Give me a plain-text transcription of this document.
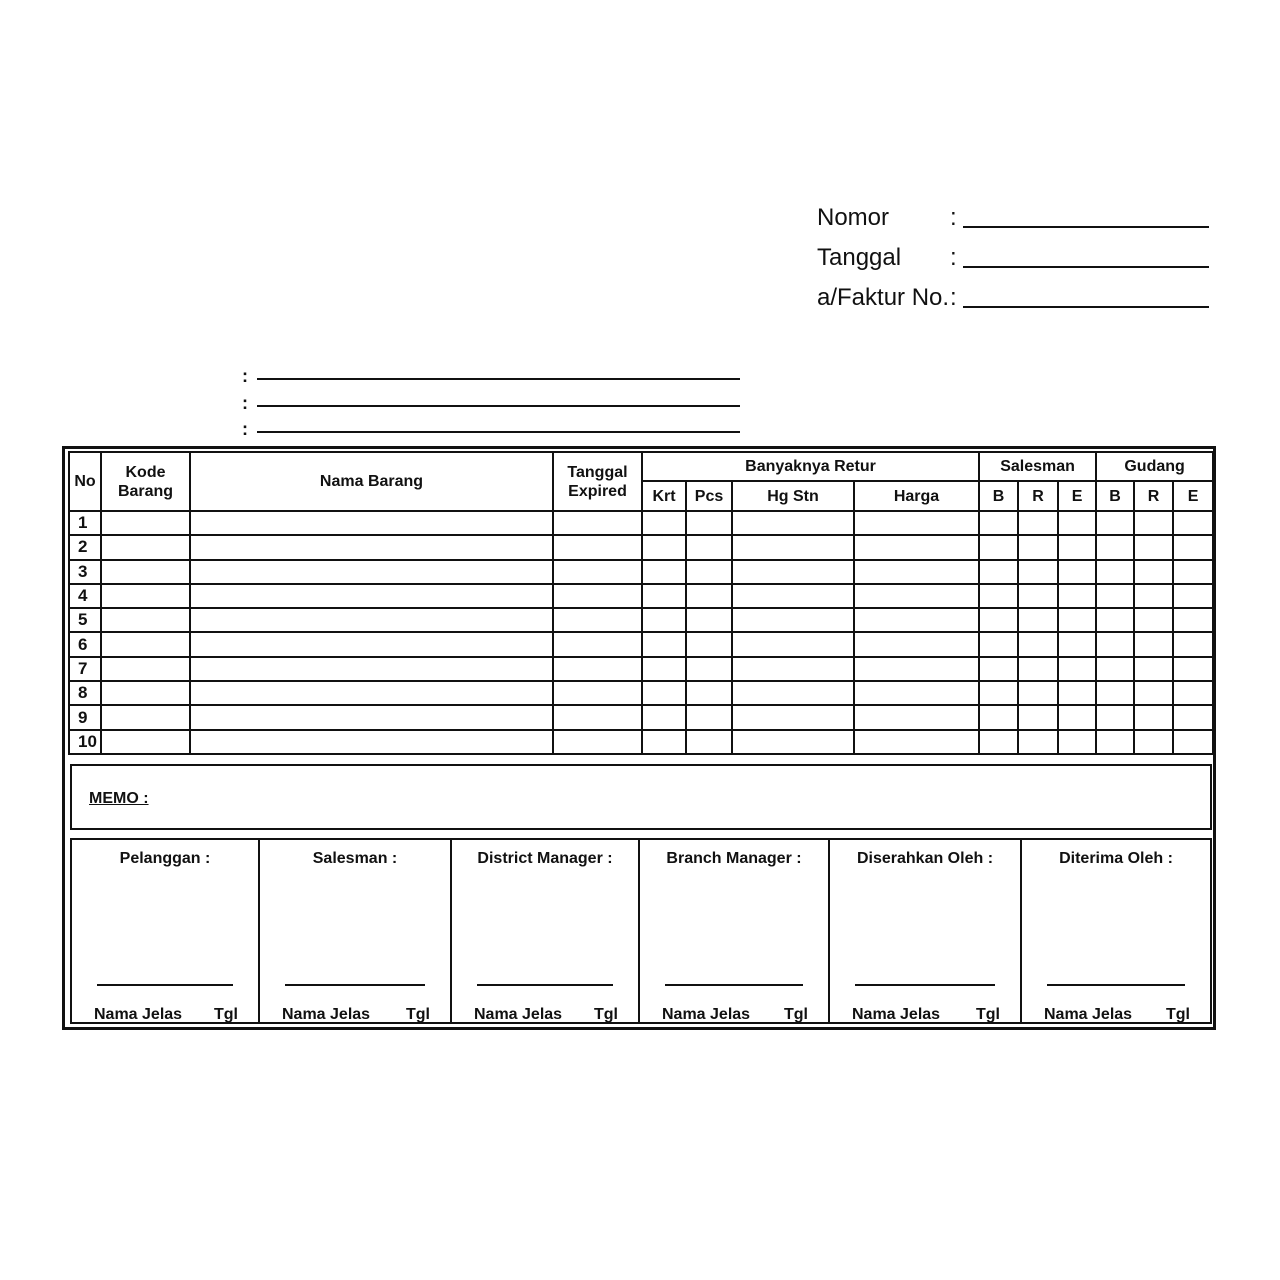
Nomor	:
Tanggal :
a/Faktur No. :
:
:
:
No	Kode Barang	Nama Barang	Tanggal Expired	Banyaknya Retur				Salesman			Gudang		
				Krt	Pcs	Hg Stn	Harga	B	R	E	B	R	E
1													
2													
3													
4													
5													
6													
7													
8													
9													
10													
MEMO :
Pelanggan :
Nama Jelas Tgl
Salesman :
Nama Jelas Tgl
District Manager :
Nama Jelas Tgl
Branch Manager :
Nama Jelas Tgl
Diserahkan Oleh :
Nama Jelas Tgl
Diterima Oleh :
Nama Jelas Tgl
